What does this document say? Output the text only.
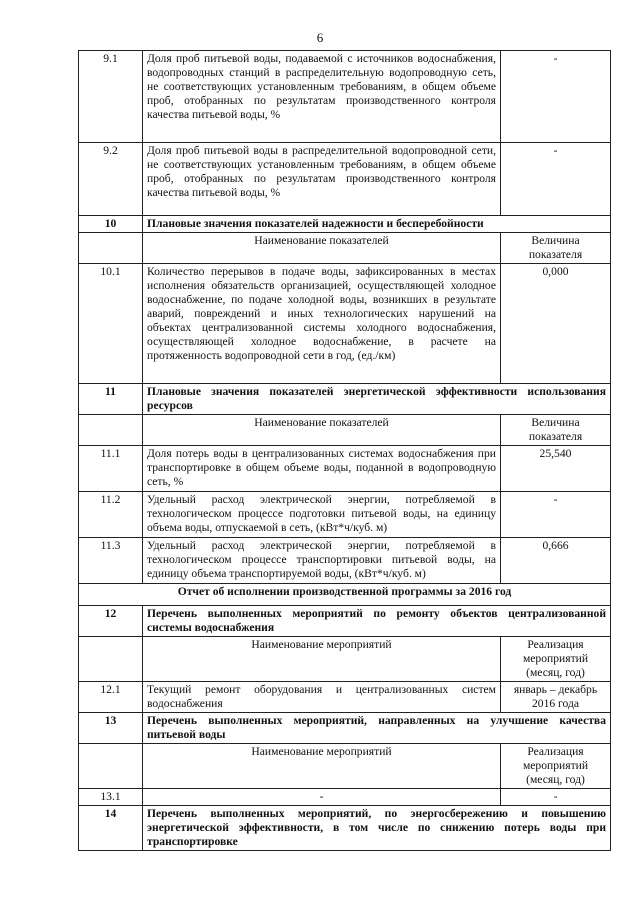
6
9.1	Доля проб питьевой воды, подаваемой с источников водоснабжения, водопроводных станций в распределительную водопроводную сеть, не соответствующих установленным требованиям, в общем объеме проб, отобранных по результатам производственного контроля качества питьевой воды, %	-
9.2	Доля проб питьевой воды в распределительной водопроводной сети, не соответствующих установленным требованиям, в общем объеме проб, отобранных по результатам производственного контроля качества питьевой воды, %	-
10	Плановые значения показателей надежности и бесперебойности	
	Наименование показателей	Величина показателя
10.1	Количество перерывов в подаче воды, зафиксированных в местах исполнения обязательств организацией, осуществляющей холодное водоснабжение, по подаче холодной воды, возникших в результате аварий, повреждений и иных технологических нарушений на объектах централизованной системы холодного водоснабжения, осуществляющей холодное водоснабжение, в расчете на протяженность водопроводной сети в год, (ед./км)	0,000
11	Плановые значения показателей энергетической эффективности использования ресурсов	
	Наименование показателей	Величина показателя
11.1	Доля потерь воды в централизованных системах водоснабжения при транспортировке в общем объеме воды, поданной в водопроводную сеть, %	25,540
11.2	Удельный расход электрической энергии, потребляемой в технологическом процессе подготовки питьевой воды, на единицу объема воды, отпускаемой в сеть, (кВт*ч/куб. м)	-
11.3	Удельный расход электрической энергии, потребляемой в технологическом процессе транспортировки питьевой воды, на единицу объема транспортируемой воды, (кВт*ч/куб. м)	0,666
Отчет об исполнении производственной программы за 2016 год		
12	Перечень выполненных мероприятий по ремонту объектов централизованной системы водоснабжения	
	Наименование мероприятий	Реализация мероприятий (месяц, год)
12.1	Текущий ремонт оборудования и централизованных систем водоснабжения	январь – декабрь 2016 года
13	Перечень выполненных мероприятий, направленных на улучшение качества питьевой воды	
	Наименование мероприятий	Реализация мероприятий (месяц, год)
13.1	-	-
14	Перечень выполненных мероприятий, по энергосбережению и повышению энергетической эффективности, в том числе по снижению потерь воды при транспортировке	
